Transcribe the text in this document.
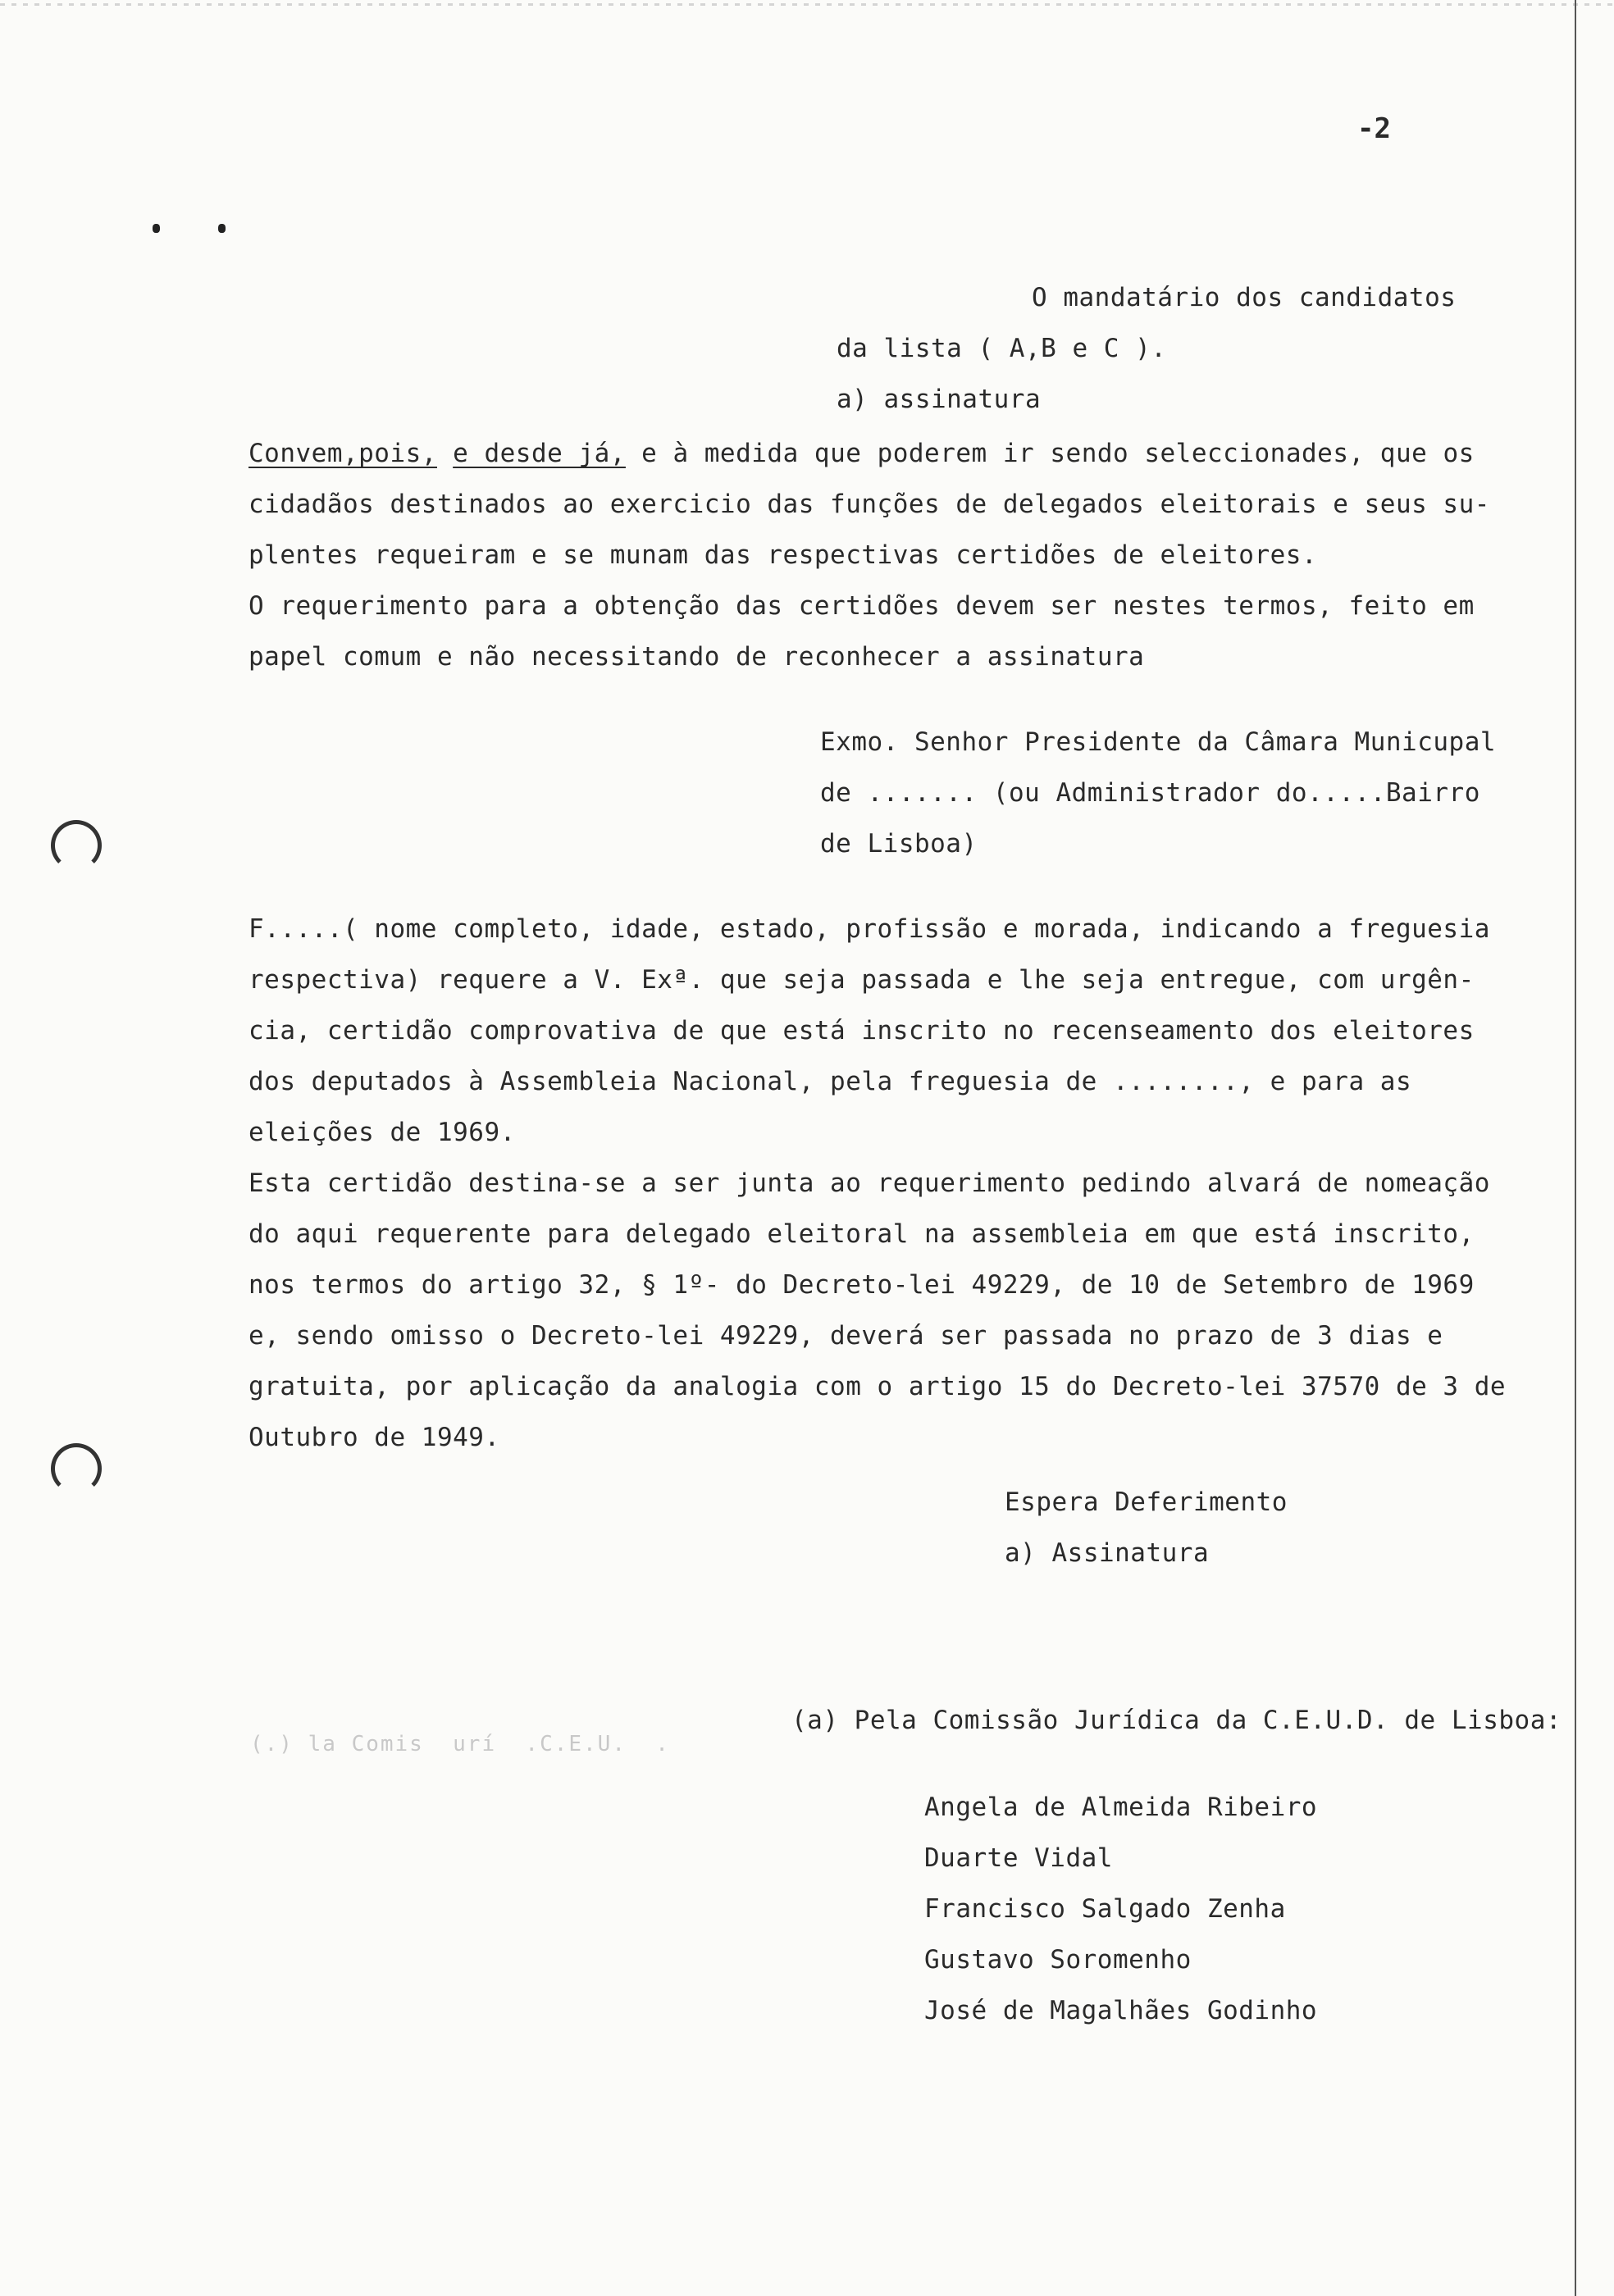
-2
O mandatário dos candidatos
da lista ( A,B e C ).
a) assinatura
Convem,pois, e desde já, e à medida que poderem ir sendo seleccionades, que os
cidadãos destinados ao exercicio das funções de delegados eleitorais e seus su-
plentes requeiram e se munam das respectivas certidões de eleitores.
O requerimento para a obtenção das certidões devem ser nestes termos, feito em
papel comum e não necessitando de reconhecer a assinatura
Exmo. Senhor Presidente da Câmara Municupal
de ....... (ou Administrador do.....Bairro
de Lisboa)
F.....( nome completo, idade, estado, profissão e morada, indicando a freguesia
respectiva) requere a V. Exª. que seja passada e lhe seja entregue, com urgên-
cia, certidão comprovativa de que está inscrito no recenseamento dos eleitores
dos deputados à Assembleia Nacional, pela freguesia de ........, e para as
eleições de 1969.
Esta certidão destina-se a ser junta ao requerimento pedindo alvará de nomeação
do aqui requerente para delegado eleitoral na assembleia em que está inscrito,
nos termos do artigo 32, § 1º- do Decreto-lei 49229, de 10 de Setembro de 1969
e, sendo omisso o Decreto-lei 49229, deverá ser passada no prazo de 3 dias e
gratuita, por aplicação da analogia com o artigo 15 do Decreto-lei 37570 de 3 de
Outubro de 1949.
Espera Deferimento
a) Assinatura
(a) Pela Comissão Jurídica da C.E.U.D. de Lisboa:
(.) la Comis  urí  .C.E.U.  .
Angela de Almeida Ribeiro
Duarte Vidal
Francisco Salgado Zenha
Gustavo Soromenho
José de Magalhães Godinho
